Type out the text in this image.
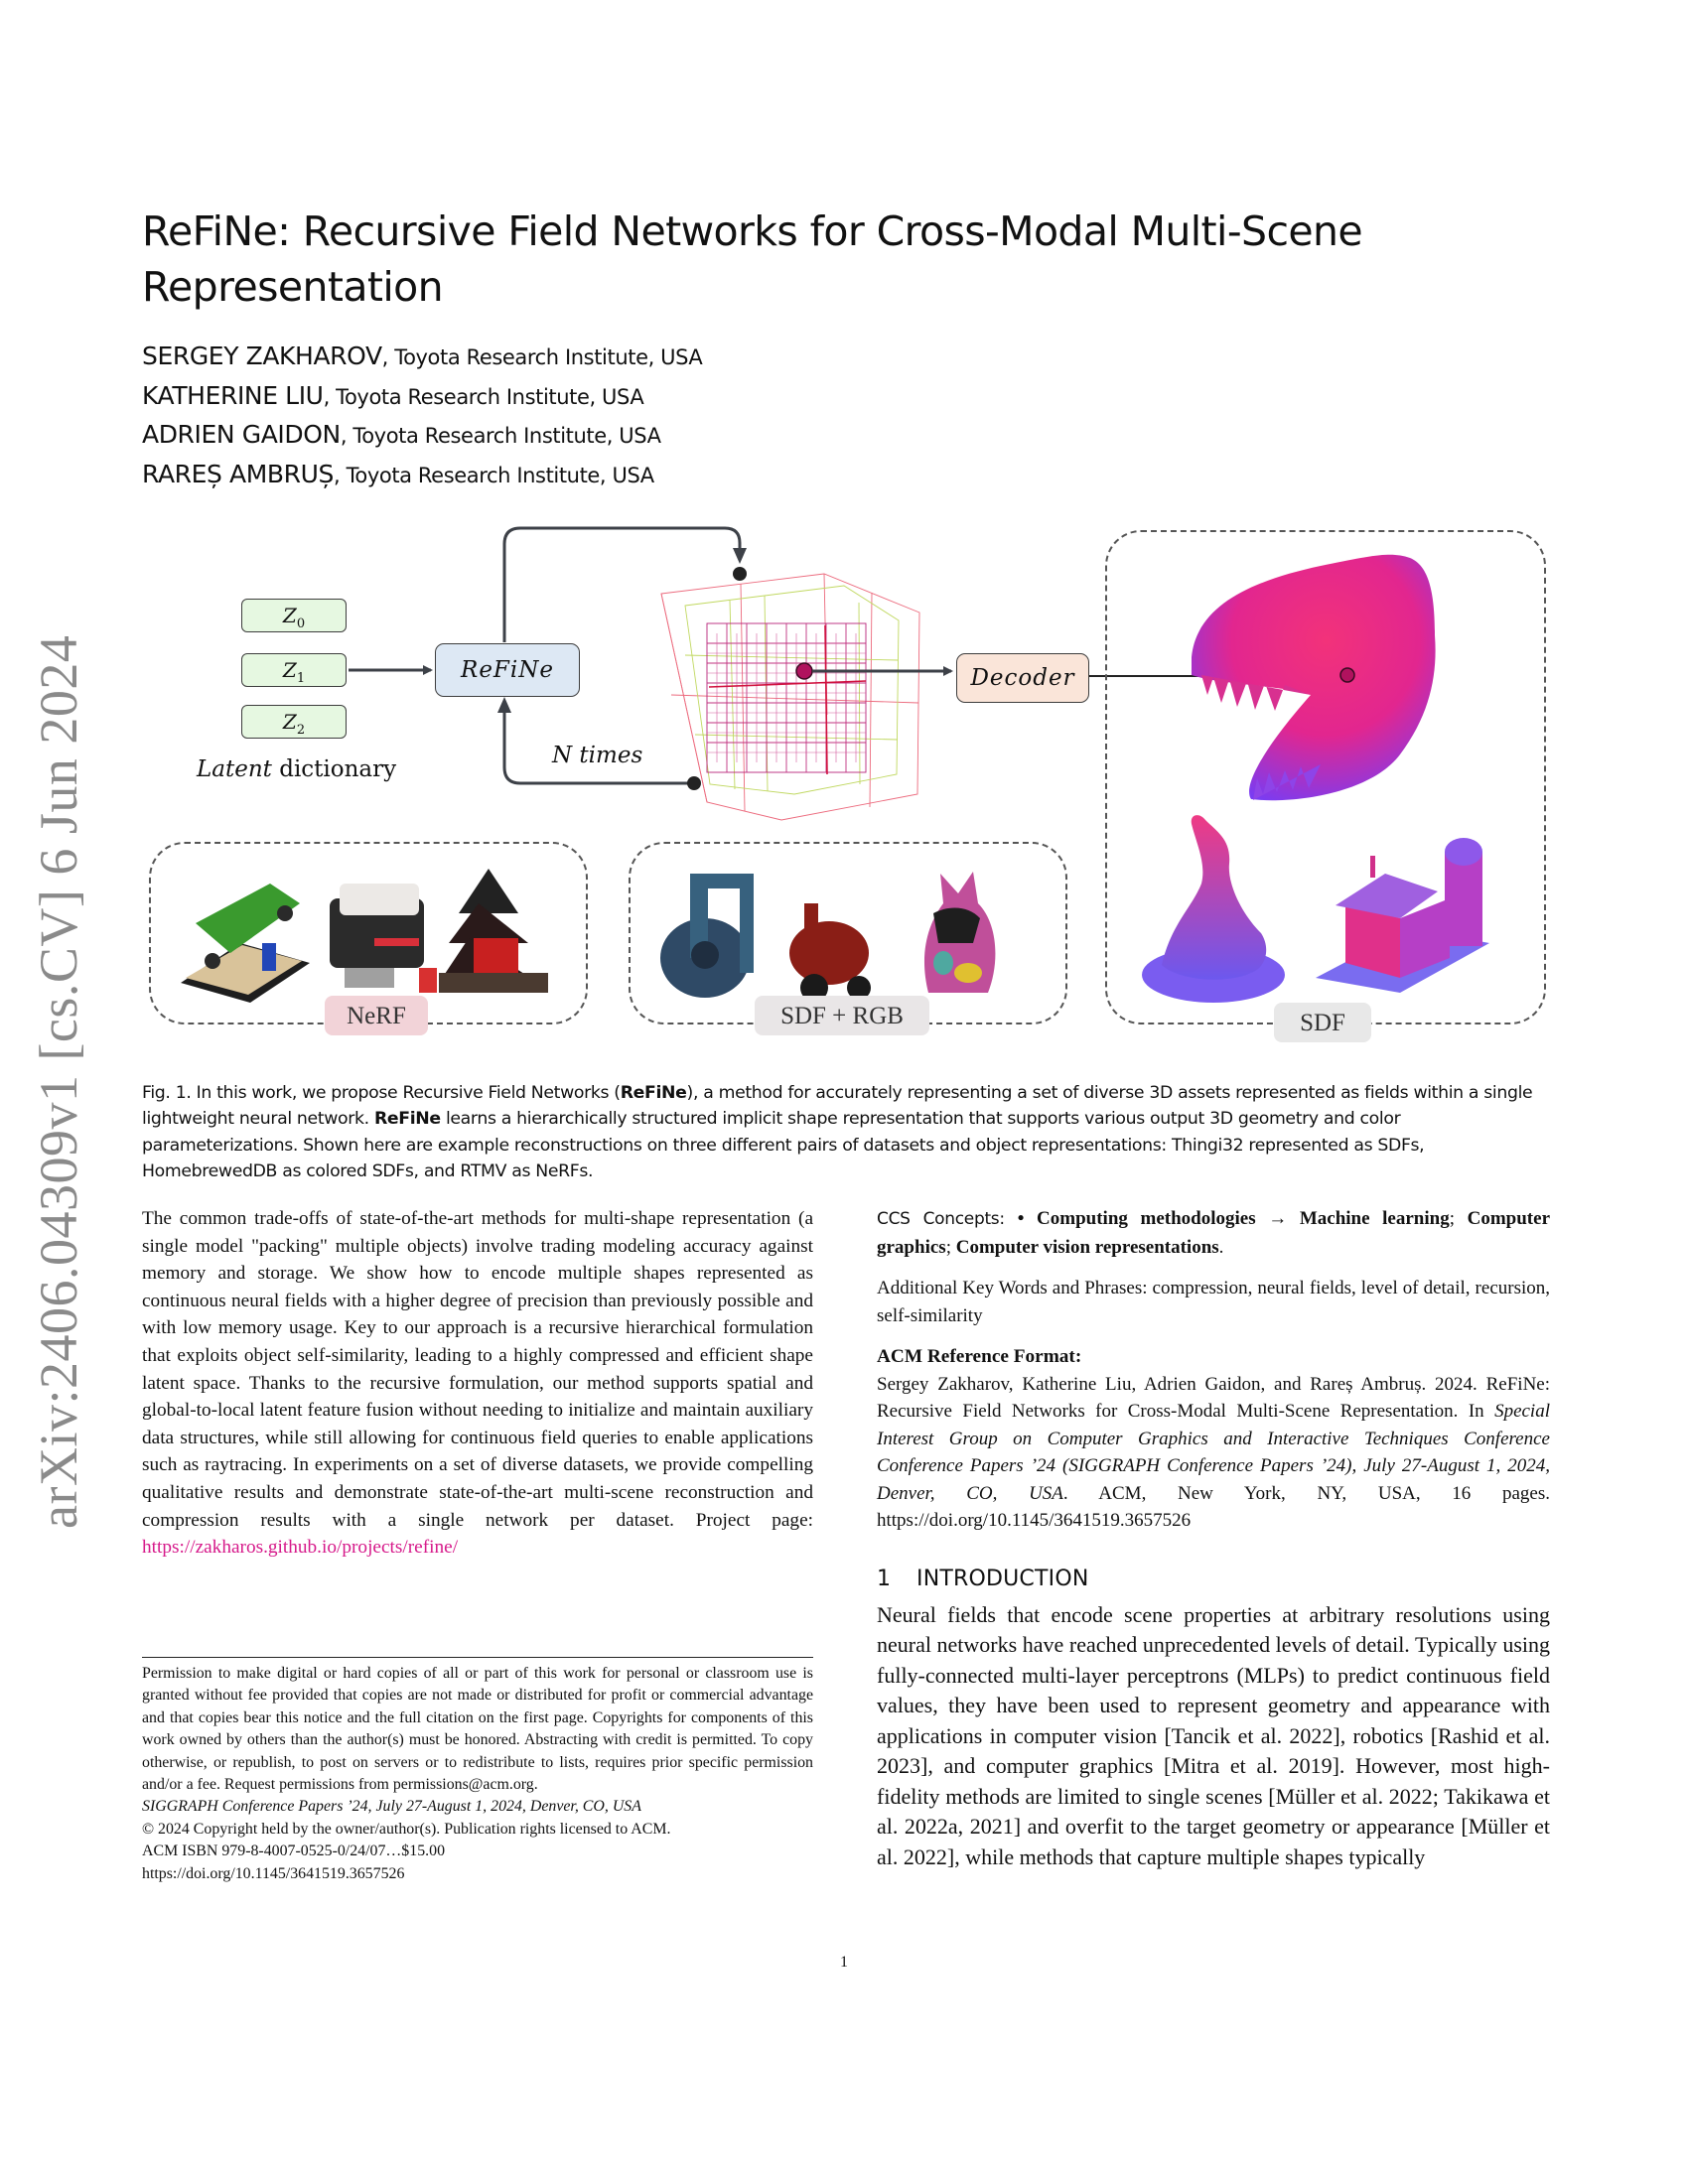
arXiv:2406.04309v1 [cs.CV] 6 Jun 2024
ReFiNe: Recursive Field Networks for Cross-Modal Multi-Scene Representation
SERGEY ZAKHAROV, Toyota Research Institute, USA
KATHERINE LIU, Toyota Research Institute, USA
ADRIEN GAIDON, Toyota Research Institute, USA
RAREȘ AMBRUȘ, Toyota Research Institute, USA
$Z_0$
$Z_1$
$Z_2$
Latent dictionary
ReFiNe
N times
Decoder
NeRF	SDF + RGB	SDF
Fig. 1. In this work, we propose Recursive Field Networks (ReFiNe), a method for accurately representing a set of diverse 3D assets represented as fields within a single lightweight neural network. ReFiNe learns a hierarchically structured implicit shape representation that supports various output 3D geometry and color parameterizations. Shown here are example reconstructions on three different pairs of datasets and object representations: Thingi32 represented as SDFs, HomebrewedDB as colored SDFs, and RTMV as NeRFs.
The common trade-offs of state-of-the-art methods for multi-shape representation (a single model "packing" multiple objects) involve trading modeling accuracy against memory and storage. We show how to encode multiple shapes represented as continuous neural fields with a higher degree of precision than previously possible and with low memory usage. Key to our approach is a recursive hierarchical formulation that exploits object self-similarity, leading to a highly compressed and efficient shape latent space. Thanks to the recursive formulation, our method supports spatial and global-to-local latent feature fusion without needing to initialize and maintain auxiliary data structures, while still allowing for continuous field queries to enable applications such as raytracing. In experiments on a set of diverse datasets, we provide compelling qualitative results and demonstrate state-of-the-art multi-scene reconstruction and compression results with a single network per dataset. Project page: https://zakharos.github.io/projects/refine/
Permission to make digital or hard copies of all or part of this work for personal or classroom use is granted without fee provided that copies are not made or distributed for profit or commercial advantage and that copies bear this notice and the full citation on the first page. Copyrights for components of this work owned by others than the author(s) must be honored. Abstracting with credit is permitted. To copy otherwise, or republish, to post on servers or to redistribute to lists, requires prior specific permission and/or a fee. Request permissions from permissions@acm.org.
SIGGRAPH Conference Papers ’24, July 27-August 1, 2024, Denver, CO, USA
© 2024 Copyright held by the owner/author(s). Publication rights licensed to ACM.
ACM ISBN 979-8-4007-0525-0/24/07…$15.00
https://doi.org/10.1145/3641519.3657526

CCS Concepts: • Computing methodologies → Machine learning; Computer graphics; Computer vision representations.

Additional Key Words and Phrases: compression, neural fields, level of detail, recursion, self-similarity

ACM Reference Format:

Sergey Zakharov, Katherine Liu, Adrien Gaidon, and Rareș Ambruș. 2024. ReFiNe: Recursive Field Networks for Cross-Modal Multi-Scene Representation. In Special Interest Group on Computer Graphics and Interactive Techniques Conference Conference Papers ’24 (SIGGRAPH Conference Papers ’24), July 27-August 1, 2024, Denver, CO, USA. ACM, New York, NY, USA, 16 pages. https://doi.org/10.1145/3641519.3657526

1 INTRODUCTION

Neural fields that encode scene properties at arbitrary resolutions using neural networks have reached unprecedented levels of detail. Typically using fully-connected multi-layer perceptrons (MLPs) to predict continuous field values, they have been used to represent geometry and appearance with applications in computer vision [Tancik et al. 2022], robotics [Rashid et al. 2023], and computer graphics [Mitra et al. 2019]. However, most high-fidelity methods are limited to single scenes [Müller et al. 2022; Takikawa et al. 2022a, 2021] and overfit to the target geometry or appearance [Müller et al. 2022], while methods that capture multiple shapes typically

1
